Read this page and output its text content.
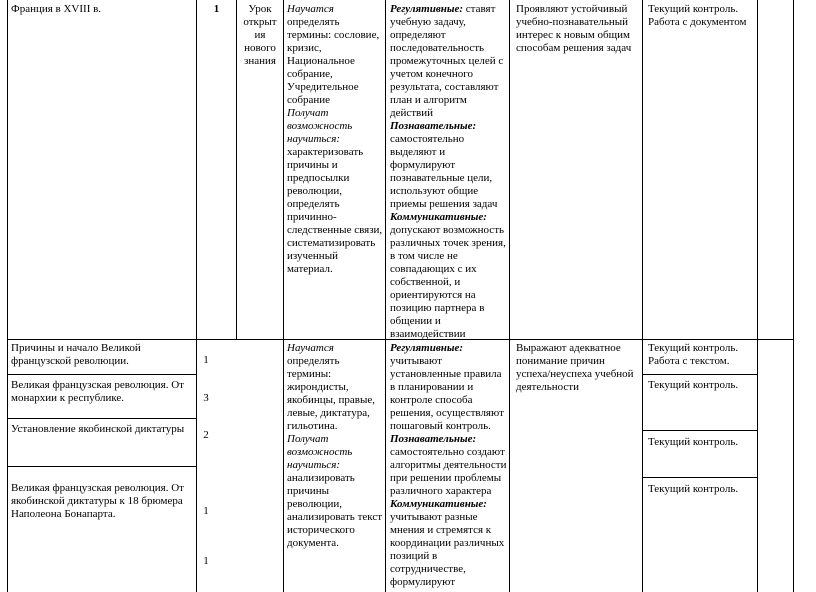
Франция в XVIII в.	1	Урок

открыт

ия

нового

знания

Научатся

определять термины: сословие, кризис, Национальное собрание, Учредительное собрание

Получат возможность научиться:

характеризовать причины и предпосылки революции, определять причинно-следственные связи, систематизировать изученный материал.

Регулятивные: ставят учебную задачу, определяют последовательность промежуточных целей с учетом конечного результата, составляют план и алгоритм действий

Познавательные:

самостоятельно выделяют и формулируют познавательные цели, используют общие приемы решения задач

Коммуникативные:

допускают возможность различных точек зрения, в том числе не совпадающих с их собственной, и ориентируются на позицию партнера в общении и взаимодействии

Проявляют устойчивый учебно-познавательный интерес к новым общим способам решения задач
Текущий контроль. Работа с документом
Причины и начало Великой французской революции.
Великая французская революция. От монархии к республике.
Установление якобинской диктатуры
Великая французская революция. От якобинской диктатуры к 18 брюмера Наполеона Бонапарта.
1
3
2
1
1

Научатся

определять термины: жирондисты, якобинцы, правые, левые, диктатура, гильотина.

Получат возможность научиться:

анализировать причины революции, анализировать текст исторического документа.

Регулятивные:

учитывают установленные правила в планировании и контроле способа решения, осуществляют пошаговый контроль.

Познавательные:

самостоятельно создают алгоритмы деятельности при решении проблемы различного характера

Коммуникативные:

учитывают разные мнения и стремятся к координации различных позиций в сотрудничестве, формулируют

Выражают адекватное понимание причин успеха/неуспеха учебной деятельности
Текущий контроль. Работа с текстом.
Текущий контроль.
Текущий контроль.
Текущий контроль.
